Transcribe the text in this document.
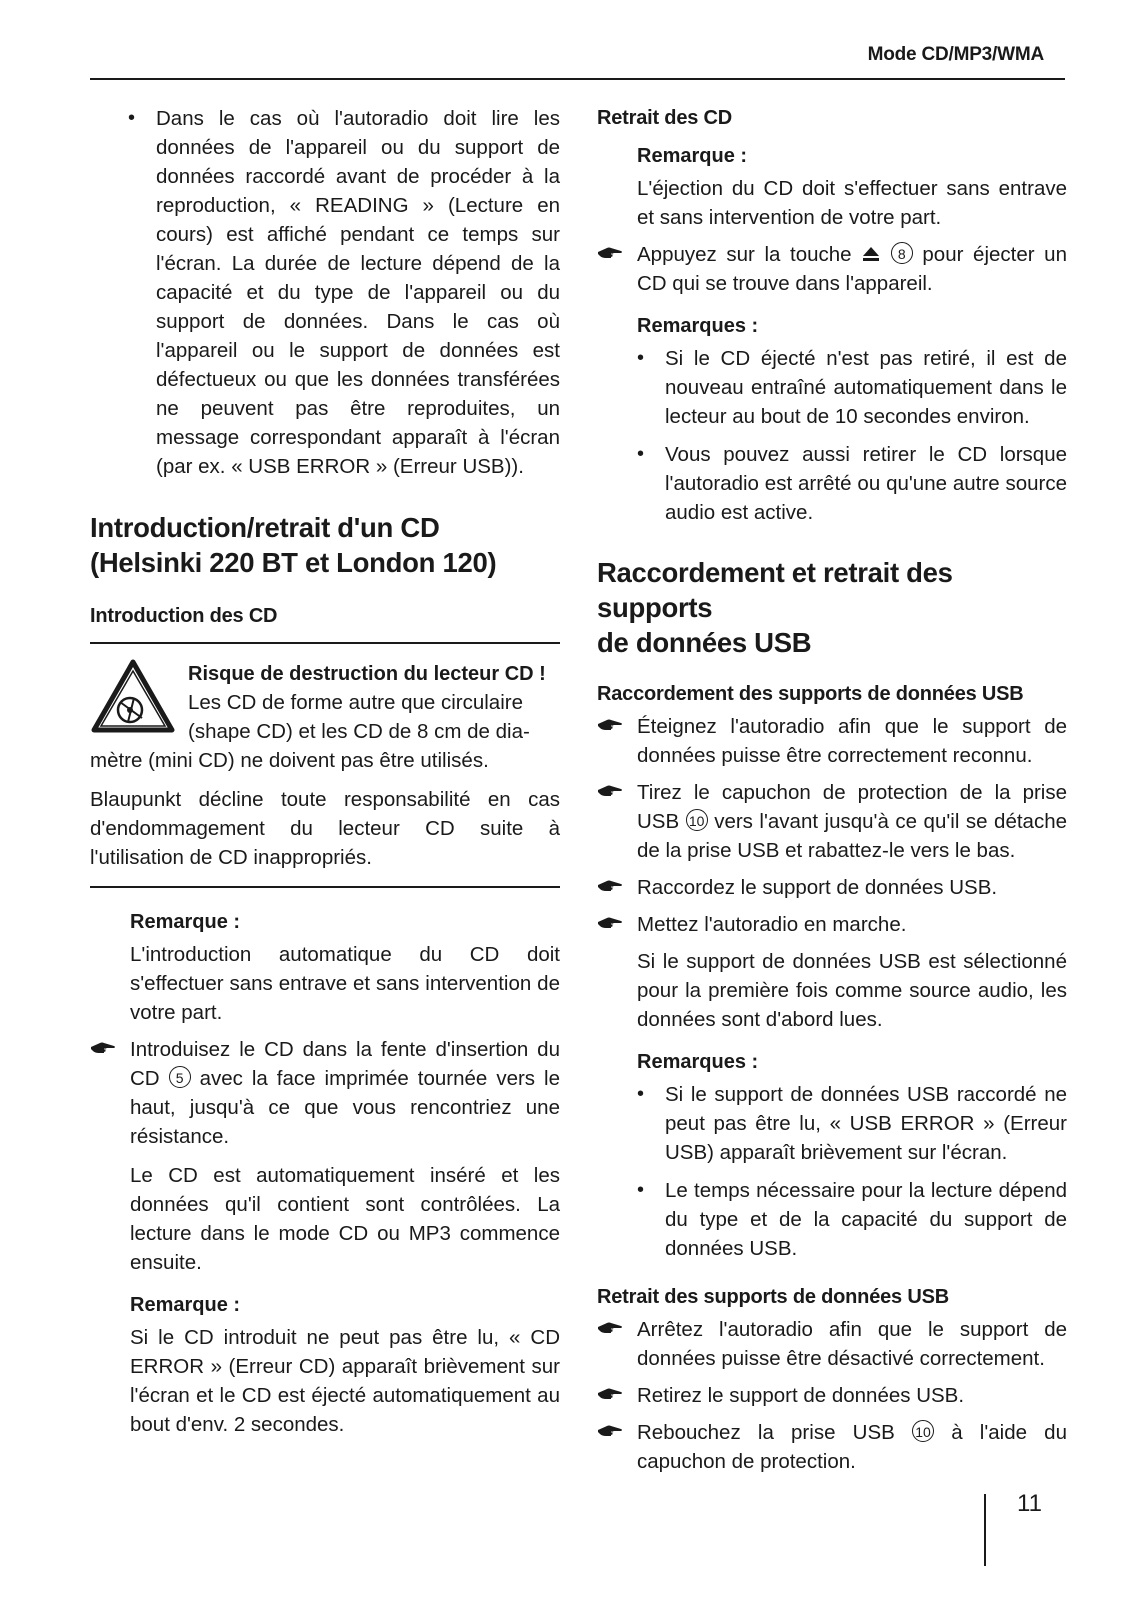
Mode CD/MP3/WMA
•	Dans le cas où l'autoradio doit lire les données de l'appareil ou du support de données raccordé avant de procéder à la reproduction, « READING » (Lecture en cours) est affiché pendant ce temps sur l'écran. La durée de lecture dépend de la capacité et du type de l'appareil ou du support de données. Dans le cas où l'appareil ou le support de données est défectueux ou que les données transférées ne peuvent pas être reproduites, un message correspondant apparaît à l'écran (par ex. « USB ERROR » (Erreur USB)).

Introduction/retrait d'un CD
(Helsinki 220 BT et London 120)
Introduction des CD
Risque de destruction du lecteur CD !

Les CD de forme autre que circulaire

(shape CD) et les CD de 8 cm de dia-

mètre (mini CD) ne doivent pas être utilisés.

Blaupunkt décline toute responsabilité en cas d'endommagement du lecteur CD suite à l'utilisation de CD inappropriés.

Remarque :

L'introduction automatique du CD doit s'effectuer sans entrave et sans intervention de votre part.

Introduisez le CD dans la fente d'insertion du CD 5 avec la face imprimée tournée vers le haut, jusqu'à ce que vous rencontriez une résistance.

Le CD est automatiquement inséré et les données qu'il contient sont contrôlées. La lecture dans le mode CD ou MP3 commence ensuite.

Remarque :

Si le CD introduit ne peut pas être lu, « CD ERROR » (Erreur CD) apparaît brièvement sur l'écran et le CD est éjecté automatiquement au bout d'env. 2 secondes.

Retrait des CD
Remarque :

L'éjection du CD doit s'effectuer sans entrave et sans intervention de votre part.

Appuyez sur la touche	8 pour éjecter un CD qui se trouve dans l'appareil.

Remarques :
•	Si le CD éjecté n'est pas retiré, il est de nouveau entraîné automatiquement dans le lecteur au bout de 10 secondes environ.

•	Vous pouvez aussi retirer le CD lorsque l'autoradio est arrêté ou qu'une autre source audio est active.

Raccordement et retrait des supports
de données USB
Raccordement des supports de données USB

Éteignez l'autoradio afin que le support de données puisse être correctement reconnu.

Tirez le capuchon de protection de la prise USB 10 vers l'avant jusqu'à ce qu'il se détache de la prise USB et rabattez-le vers le bas.

Raccordez le support de données USB.

Mettez l'autoradio en marche.

Si le support de données USB est sélectionné pour la première fois comme source audio, les données sont d'abord lues.

Remarques :
•	Si le support de données USB raccordé ne peut pas être lu, « USB ERROR » (Erreur USB) apparaît brièvement sur l'écran.

•	Le temps nécessaire pour la lecture dépend du type et de la capacité du support de données USB.

Retrait des supports de données USB

Arrêtez l'autoradio afin que le support de données puisse être désactivé correctement.

Retirez le support de données USB.

Rebouchez la prise USB 10 à l'aide du capuchon de protection.

11
